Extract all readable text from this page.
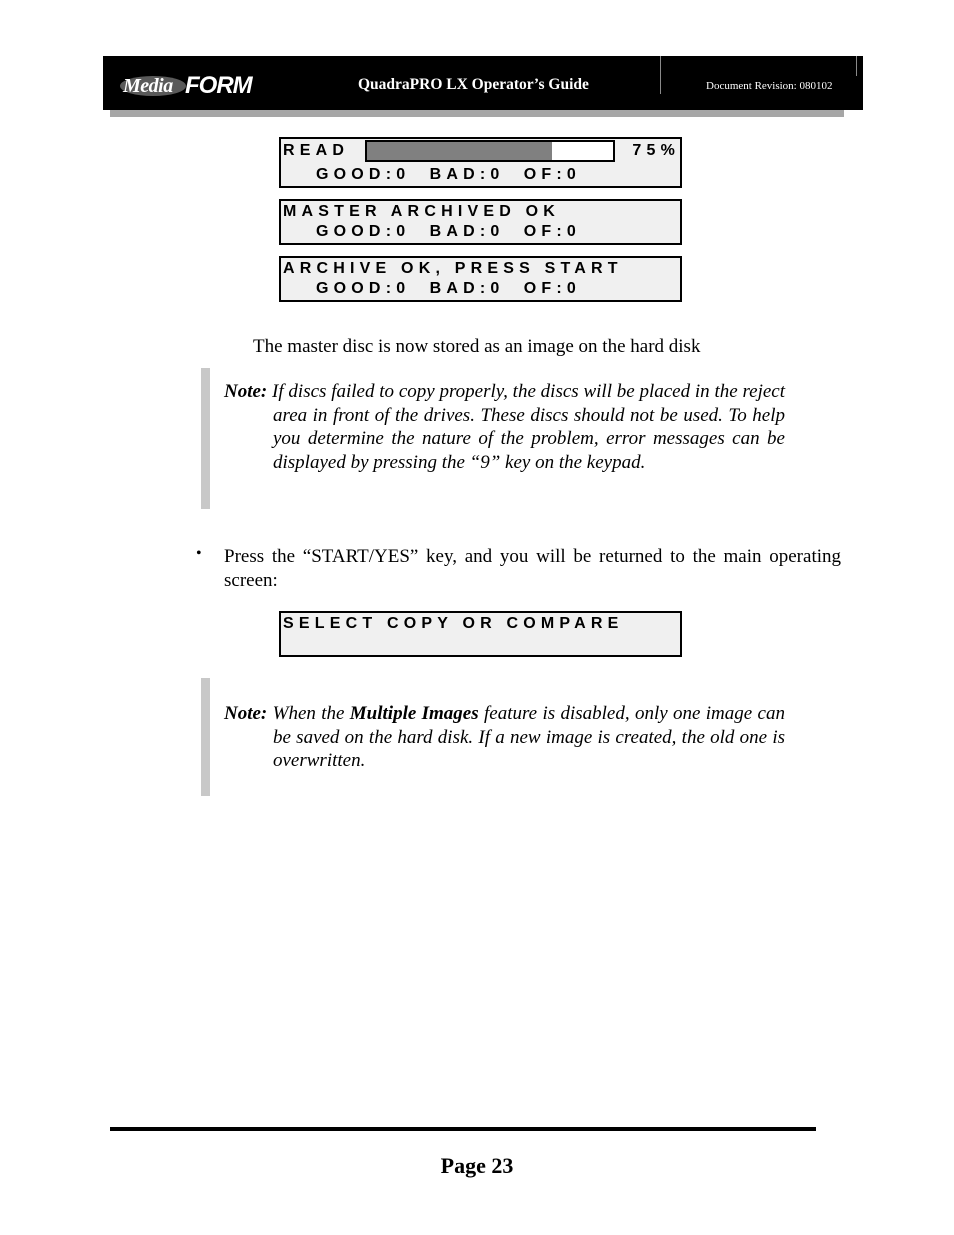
Media FORM	QuadraPRO LX Operator’s Guide	Document Revision: 080102
READ	75%
GOOD:0  BAD:0  OF:0
MASTER ARCHIVED OK
GOOD:0  BAD:0  OF:0
ARCHIVE OK, PRESS START
GOOD:0  BAD:0  OF:0
The master disc is now stored as an image on the hard disk
Note: If discs failed to copy properly, the discs will be placed in the reject area in front of the drives. These discs should not be used. To help you determine the nature of the problem, error messages can be displayed by pressing the “9” key on the keypad.
• Press the “START/YES” key, and you will be returned to the main operating screen:
SELECT COPY OR COMPARE
Note: When the Multiple Images feature is disabled, only one image can be saved on the hard disk. If a new image is created, the old one is overwritten.
Page 23
